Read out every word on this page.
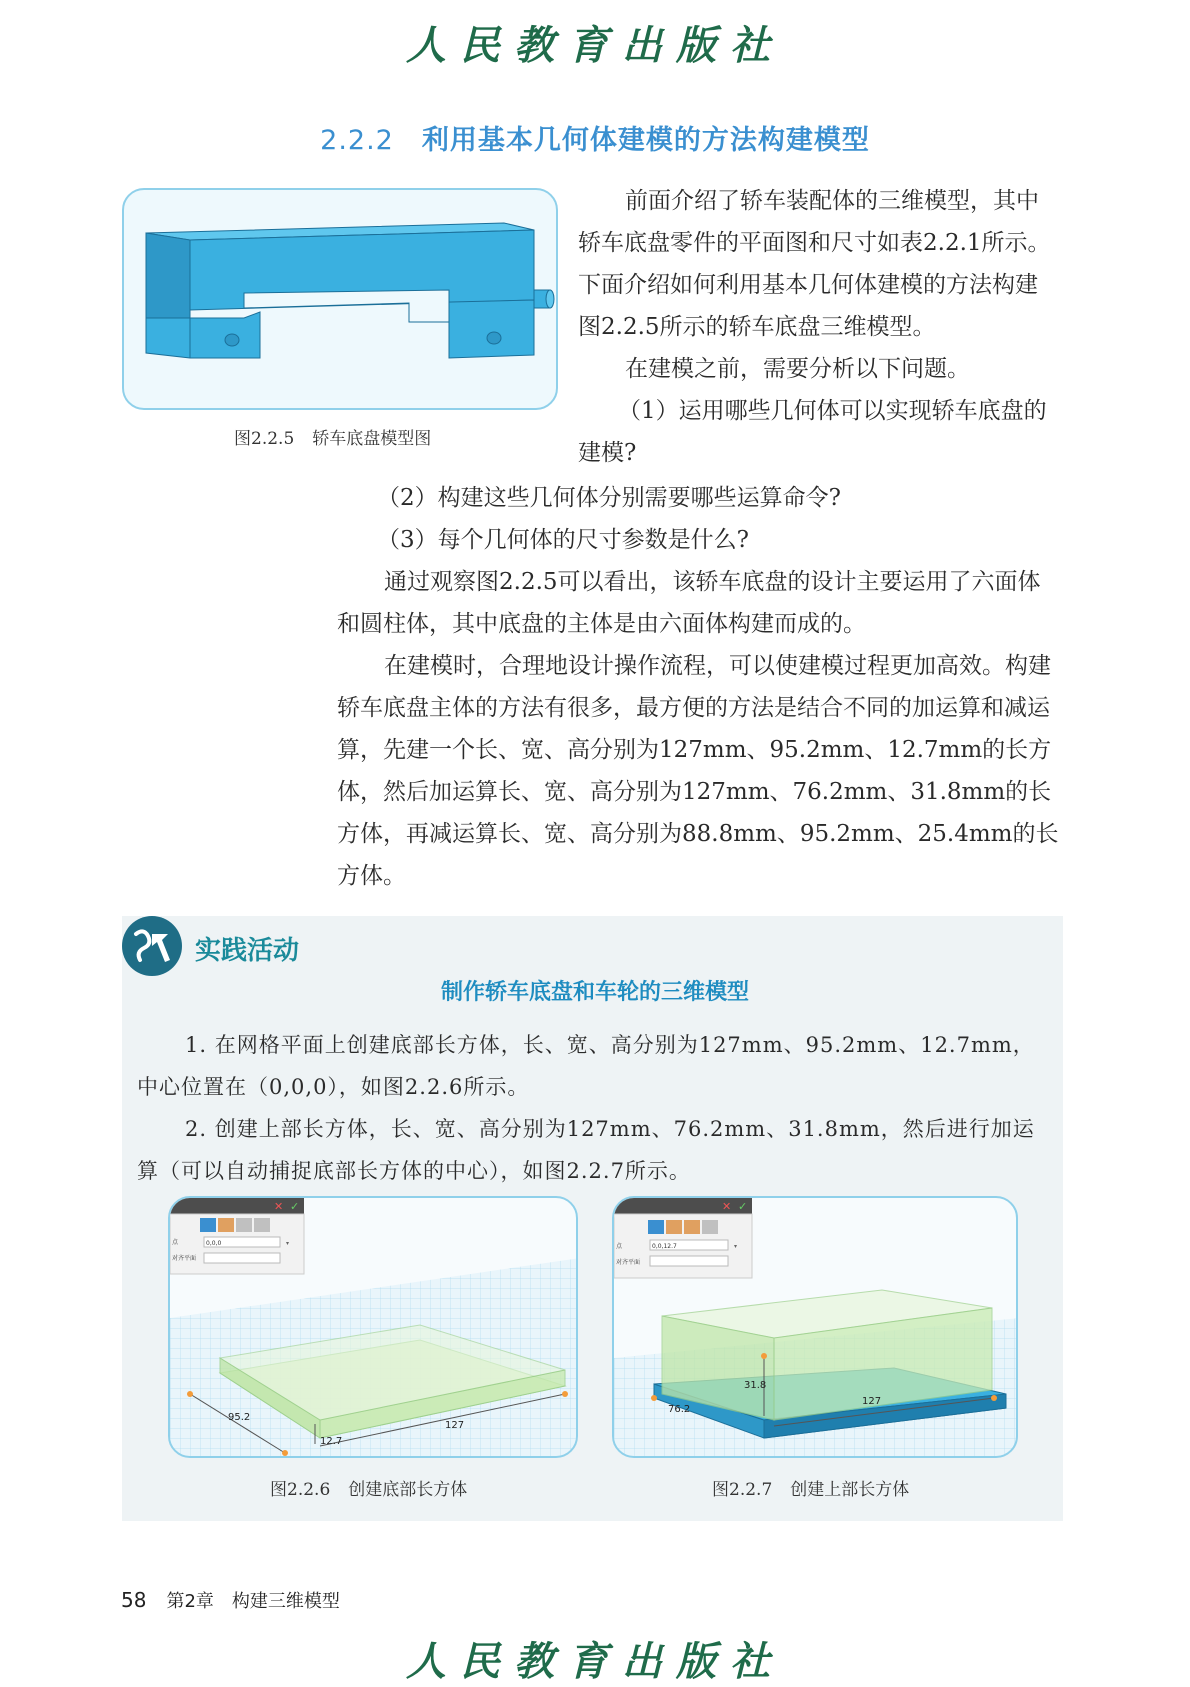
人民教育出版社
2.2.2 利用基本几何体建模的方法构建模型
图2.2.5 轿车底盘模型图

前面介绍了轿车装配体的三维模型，其中轿车底盘零件的平面图和尺寸如表2.2.1所示。下面介绍如何利用基本几何体建模的方法构建图2.2.5所示的轿车底盘三维模型。

在建模之前，需要分析以下问题。

（1）运用哪些几何体可以实现轿车底盘的建模?

（2）构建这些几何体分别需要哪些运算命令?

（3）每个几何体的尺寸参数是什么?

通过观察图2.2.5可以看出，该轿车底盘的设计主要运用了六面体和圆柱体，其中底盘的主体是由六面体构建而成的。

在建模时，合理地设计操作流程，可以使建模过程更加高效。构建轿车底盘主体的方法有很多，最方便的方法是结合不同的加运算和减运算，先建一个长、宽、高分别为127mm、95.2mm、12.7mm的长方体，然后加运算长、宽、高分别为127mm、76.2mm、31.8mm的长方体，再减运算长、宽、高分别为88.8mm、95.2mm、25.4mm的长方体。

实践活动
制作轿车底盘和车轮的三维模型

1. 在网格平面上创建底部长方体，长、宽、高分别为127mm、95.2mm、12.7mm，中心位置在（0,0,0），如图2.2.6所示。

2. 创建上部长方体，长、宽、高分别为127mm、76.2mm、31.8mm，然后进行加运算（可以自动捕捉底部长方体的中心），如图2.2.7所示。

95.2
127
12.7
✕ ✓
点	0,0,0	▾
对齐平面
图2.2.6 创建底部长方体
31.8
76.2
127
✕ ✓
点	0,0,12.7	▾
对齐平面
图2.2.7 创建上部长方体
58 第2章 构建三维模型
人民教育出版社
